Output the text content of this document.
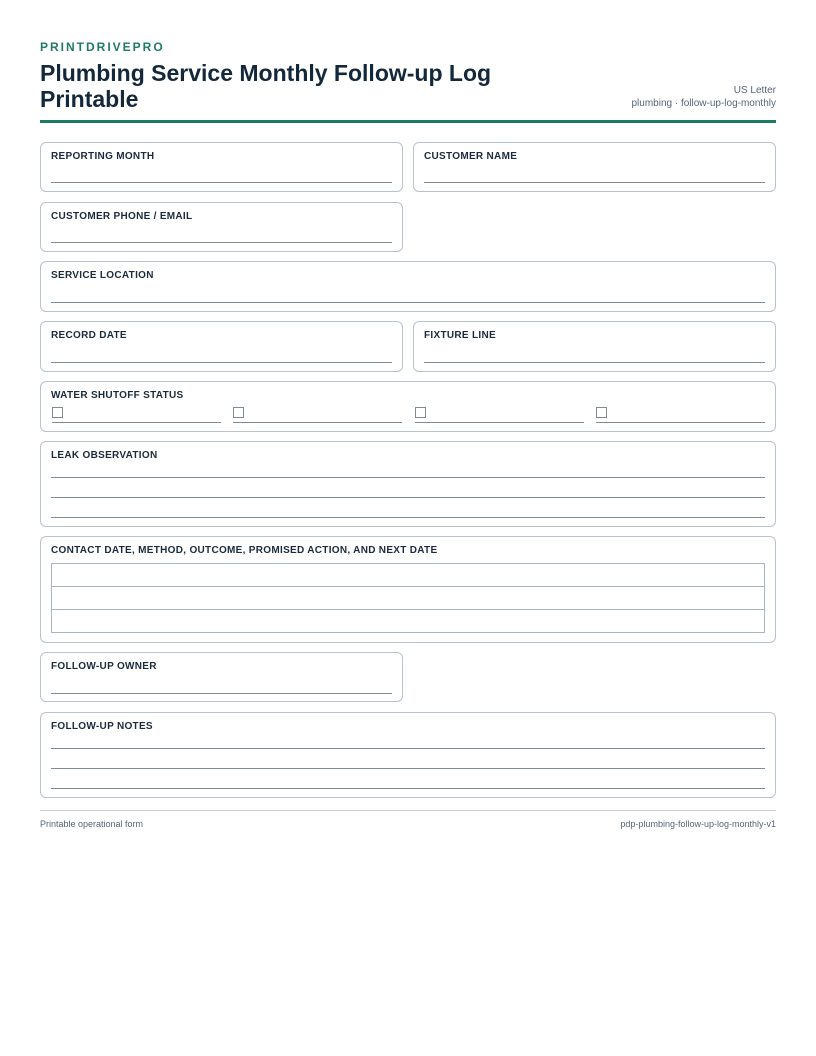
PRINTDRIVEPRO
Plumbing Service Monthly Follow-up Log Printable	US Letter
plumbing · follow-up-log-monthly
REPORTING MONTH	CUSTOMER NAME
CUSTOMER PHONE / EMAIL
SERVICE LOCATION
RECORD DATE	FIXTURE LINE
WATER SHUTOFF STATUS
LEAK OBSERVATION
CONTACT DATE, METHOD, OUTCOME, PROMISED ACTION, AND NEXT DATE

FOLLOW-UP OWNER
FOLLOW-UP NOTES
Printable operational form	pdp-plumbing-follow-up-log-monthly-v1
